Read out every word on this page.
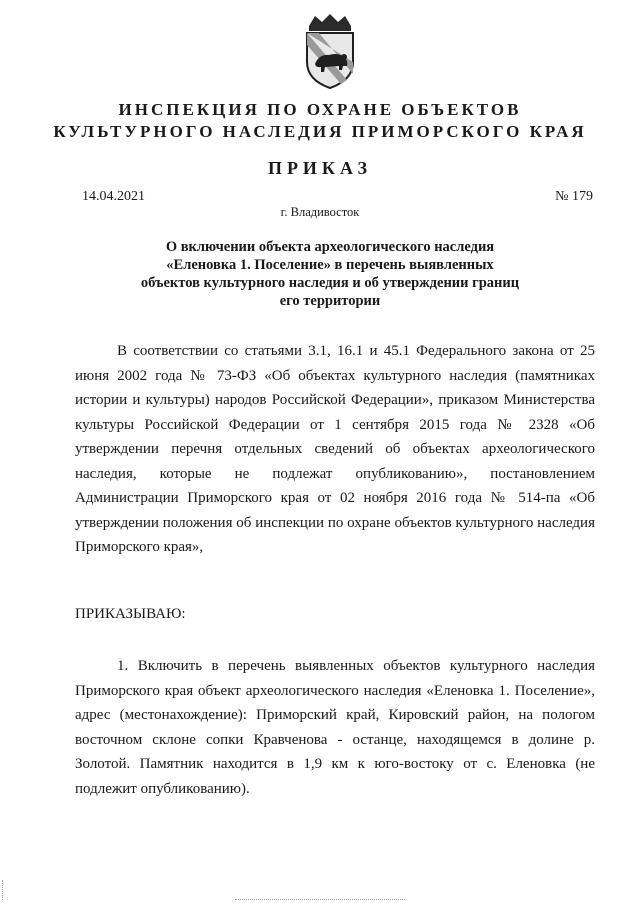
ИНСПЕКЦИЯ ПО ОХРАНЕ ОБЪЕКТОВ
КУЛЬТУРНОГО НАСЛЕДИЯ ПРИМОРСКОГО КРАЯ
ПРИКАЗ
14.04.2021	№ 179
г. Владивосток
О включении объекта археологического наследия «Еленовка 1. Поселение» в перечень выявленных объектов культурного наследия и об утверждении границ его территории
В соответствии со статьями 3.1, 16.1 и 45.1 Федерального закона от 25 июня 2002 года № 73-ФЗ «Об объектах культурного наследия (памятниках истории и культуры) народов Российской Федерации», приказом Министерства культуры Российской Федерации от 1 сентября 2015 года № 2328 «Об утверждении перечня отдельных сведений об объектах археологического наследия, которые не подлежат опубликованию», постановлением Администрации Приморского края от 02 ноября 2016 года № 514-па «Об утверждении положения об инспекции по охране объектов культурного наследия Приморского края»,
ПРИКАЗЫВАЮ:
1. Включить в перечень выявленных объектов культурного наследия Приморского края объект археологического наследия «Еленовка 1. Поселение», адрес (местонахождение): Приморский край, Кировский район, на пологом восточном склоне сопки Кравченова - останце, находящемся в долине р. Золотой. Памятник находится в 1,9 км к юго-востоку от с. Еленовка (не подлежит опубликованию).
